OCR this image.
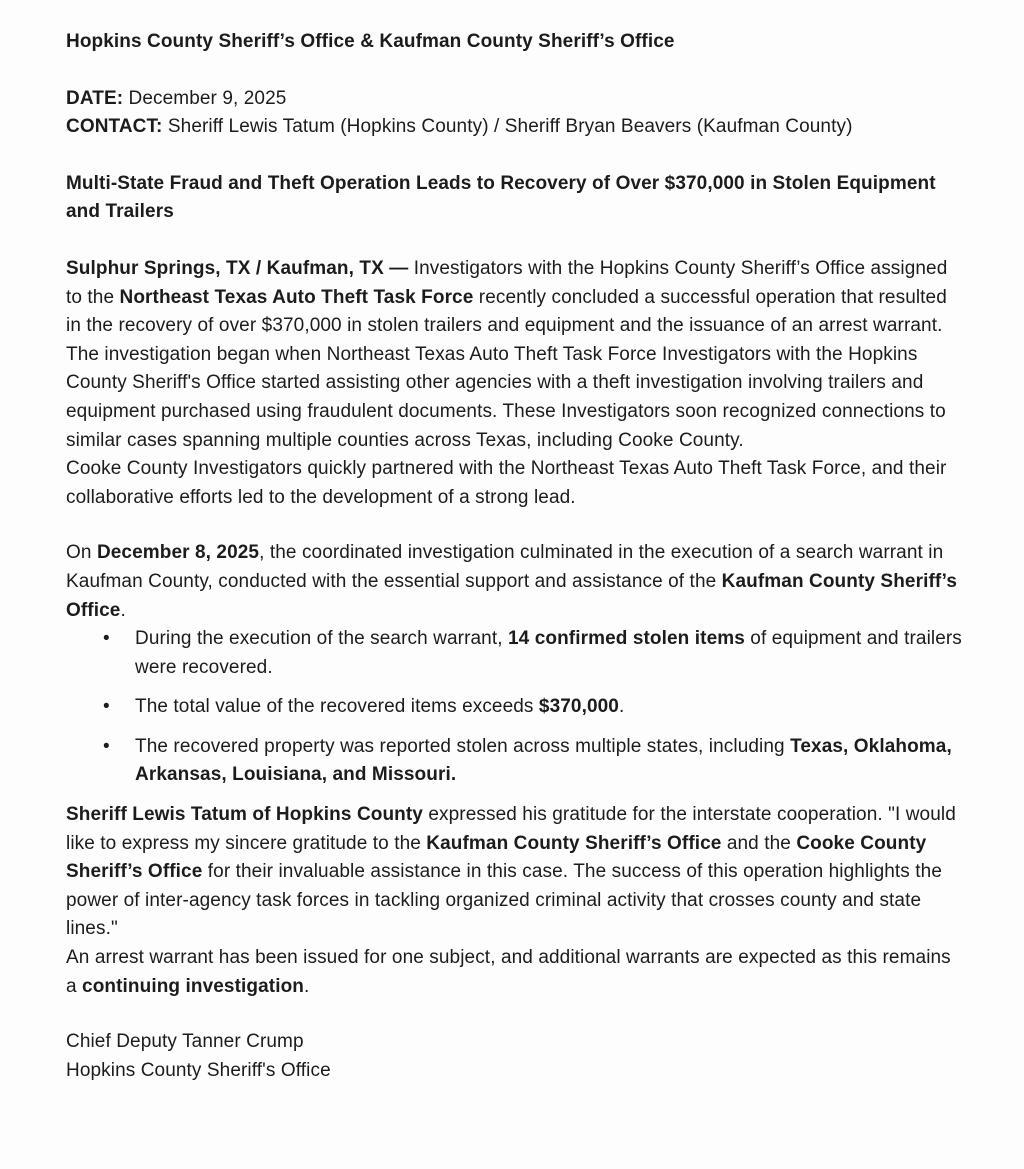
Hopkins County Sheriff’s Office & Kaufman County Sheriff’s Office

DATE: December 9, 2025

CONTACT: Sheriff Lewis Tatum (Hopkins County) / Sheriff Bryan Beavers (Kaufman County)

Multi-State Fraud and Theft Operation Leads to Recovery of Over $370,000 in Stolen Equipment and Trailers

Sulphur Springs, TX / Kaufman, TX — Investigators with the Hopkins County Sheriff’s Office assigned to the Northeast Texas Auto Theft Task Force recently concluded a successful operation that resulted in the recovery of over $370,000 in stolen trailers and equipment and the issuance of an arrest warrant.

The investigation began when Northeast Texas Auto Theft Task Force Investigators with the Hopkins County Sheriff's Office started assisting other agencies with a theft investigation involving trailers and equipment purchased using fraudulent documents. These Investigators soon recognized connections to similar cases spanning multiple counties across Texas, including Cooke County.

Cooke County Investigators quickly partnered with the Northeast Texas Auto Theft Task Force, and their collaborative efforts led to the development of a strong lead.

On December 8, 2025, the coordinated investigation culminated in the execution of a search warrant in Kaufman County, conducted with the essential support and assistance of the Kaufman County Sheriff’s Office.

• During the execution of the search warrant, 14 confirmed stolen items of equipment and trailers were recovered.
• The total value of the recovered items exceeds $370,000.
• The recovered property was reported stolen across multiple states, including Texas, Oklahoma, Arkansas, Louisiana, and Missouri.

Sheriff Lewis Tatum of Hopkins County expressed his gratitude for the interstate cooperation. "I would like to express my sincere gratitude to the Kaufman County Sheriff’s Office and the Cooke County Sheriff’s Office for their invaluable assistance in this case. The success of this operation highlights the power of inter-agency task forces in tackling organized criminal activity that crosses county and state lines."

An arrest warrant has been issued for one subject, and additional warrants are expected as this remains a continuing investigation.

Chief Deputy Tanner Crump

Hopkins County Sheriff's Office
